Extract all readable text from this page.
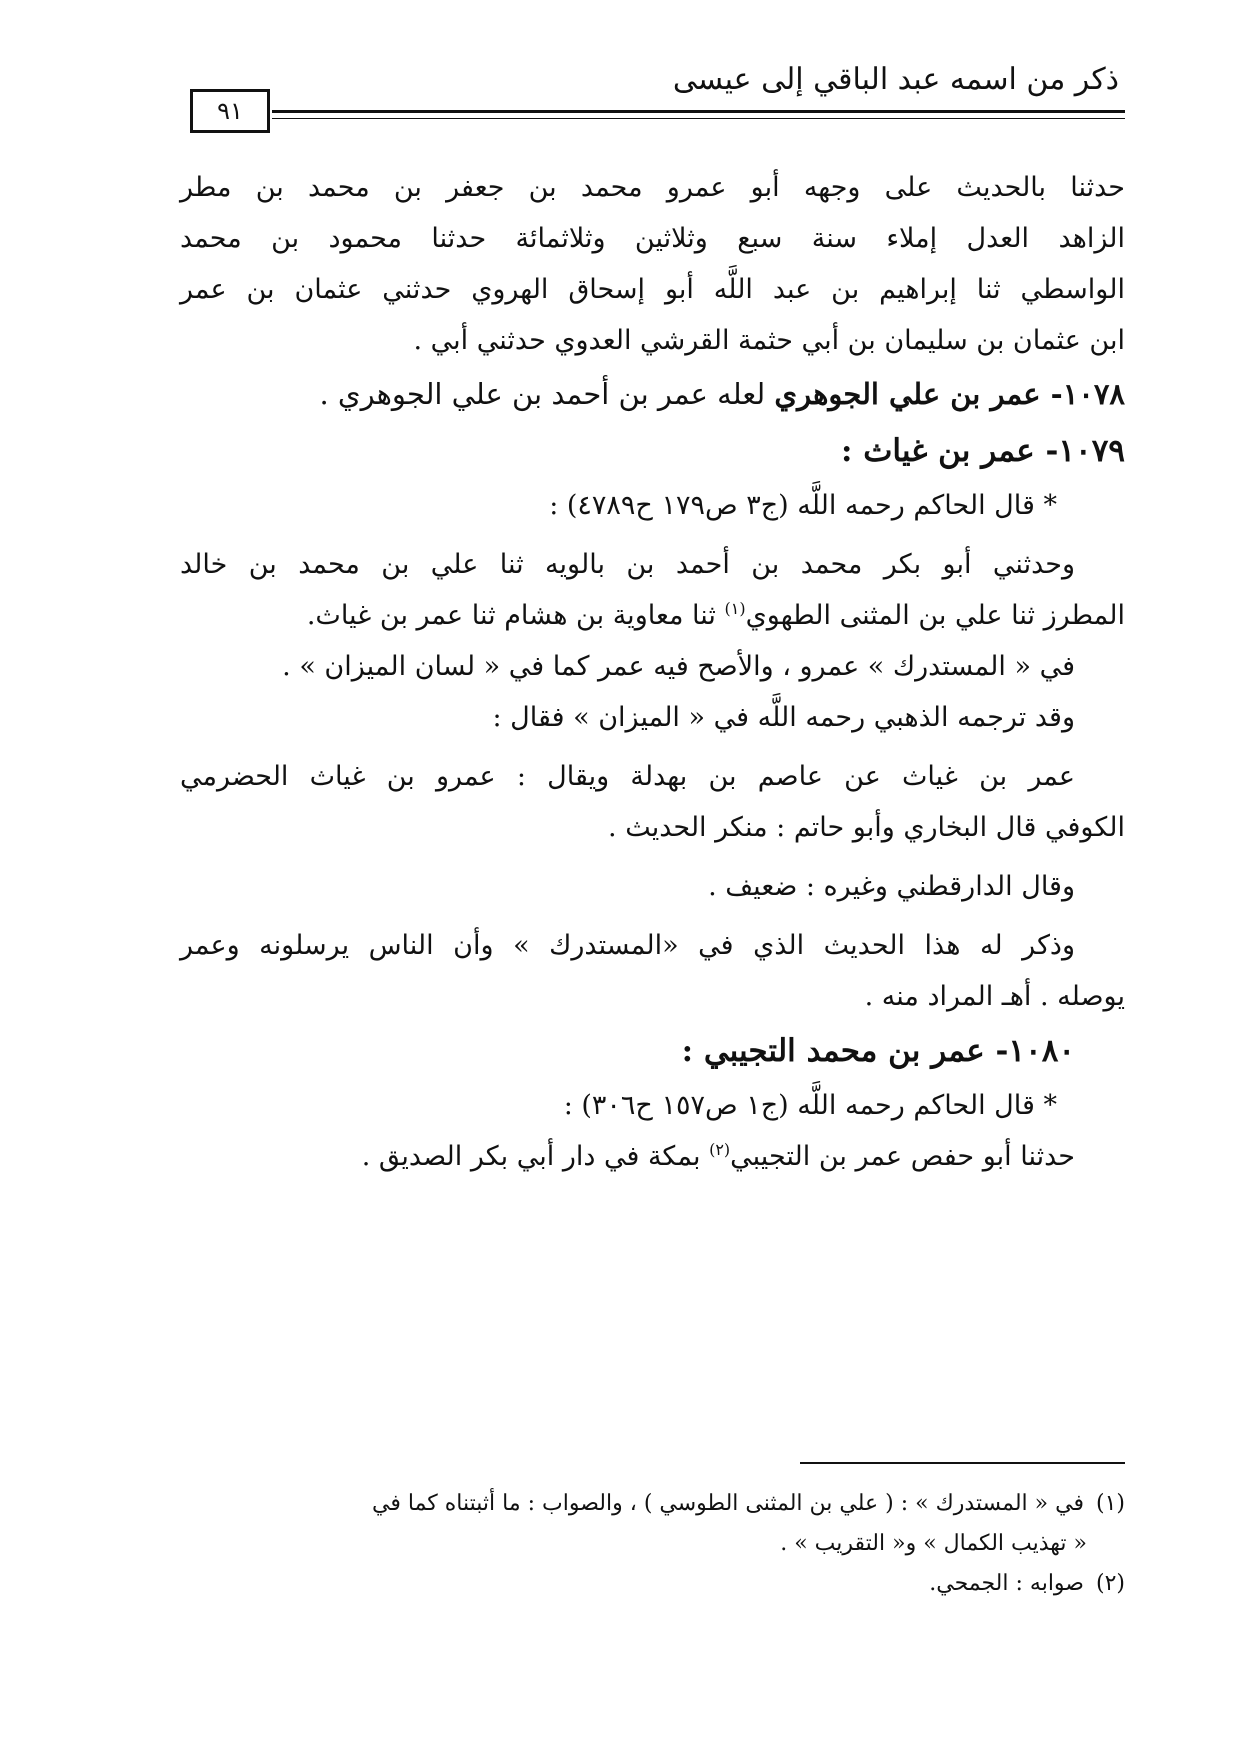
ذكر من اسمه عبد الباقي إلى عيسى
٩١
حدثنا بالحديث على وجهه أبو عمرو محمد بن جعفر بن محمد بن مطر
الزاهد العدل إملاء سنة سبع وثلاثين وثلاثمائة حدثنا محمود بن محمد
الواسطي ثنا إبراهيم بن عبد اللَّه أبو إسحاق الهروي حدثني عثمان بن عمر
ابن عثمان بن سليمان بن أبي حثمة القرشي العدوي حدثني أبي .
١٠٧٨- عمر بن علي الجوهري لعله عمر بن أحمد بن علي الجوهري .
١٠٧٩- عمر بن غياث :
* قال الحاكم رحمه اللَّه (ج٣ ص١٧٩ ح٤٧٨٩) :
وحدثني أبو بكر محمد بن أحمد بن بالويه ثنا علي بن محمد بن خالد
المطرز ثنا علي بن المثنى الطهوي$^{(١)}$ ثنا معاوية بن هشام ثنا عمر بن غياث.
في « المستدرك » عمرو ، والأصح فيه عمر كما في « لسان الميزان » .
وقد ترجمه الذهبي رحمه اللَّه في « الميزان » فقال :
عمر بن غياث عن عاصم بن بهدلة ويقال : عمرو بن غياث الحضرمي
الكوفي قال البخاري وأبو حاتم : منكر الحديث .
وقال الدارقطني وغيره : ضعيف .
وذكر له هذا الحديث الذي في «المستدرك » وأن الناس يرسلونه وعمر
يوصله . أهـ المراد منه .
١٠٨٠- عمر بن محمد التجيبي :
* قال الحاكم رحمه اللَّه (ج١ ص١٥٧ ح٣٠٦) :
حدثنا أبو حفص عمر بن التجيبي$^{(٢)}$ بمكة في دار أبي بكر الصديق .
(١)في « المستدرك » : ( علي بن المثنى الطوسي ) ، والصواب : ما أثبتناه كما في
« تهذيب الكمال » و« التقريب » .
(٢)صوابه : الجمحي.
